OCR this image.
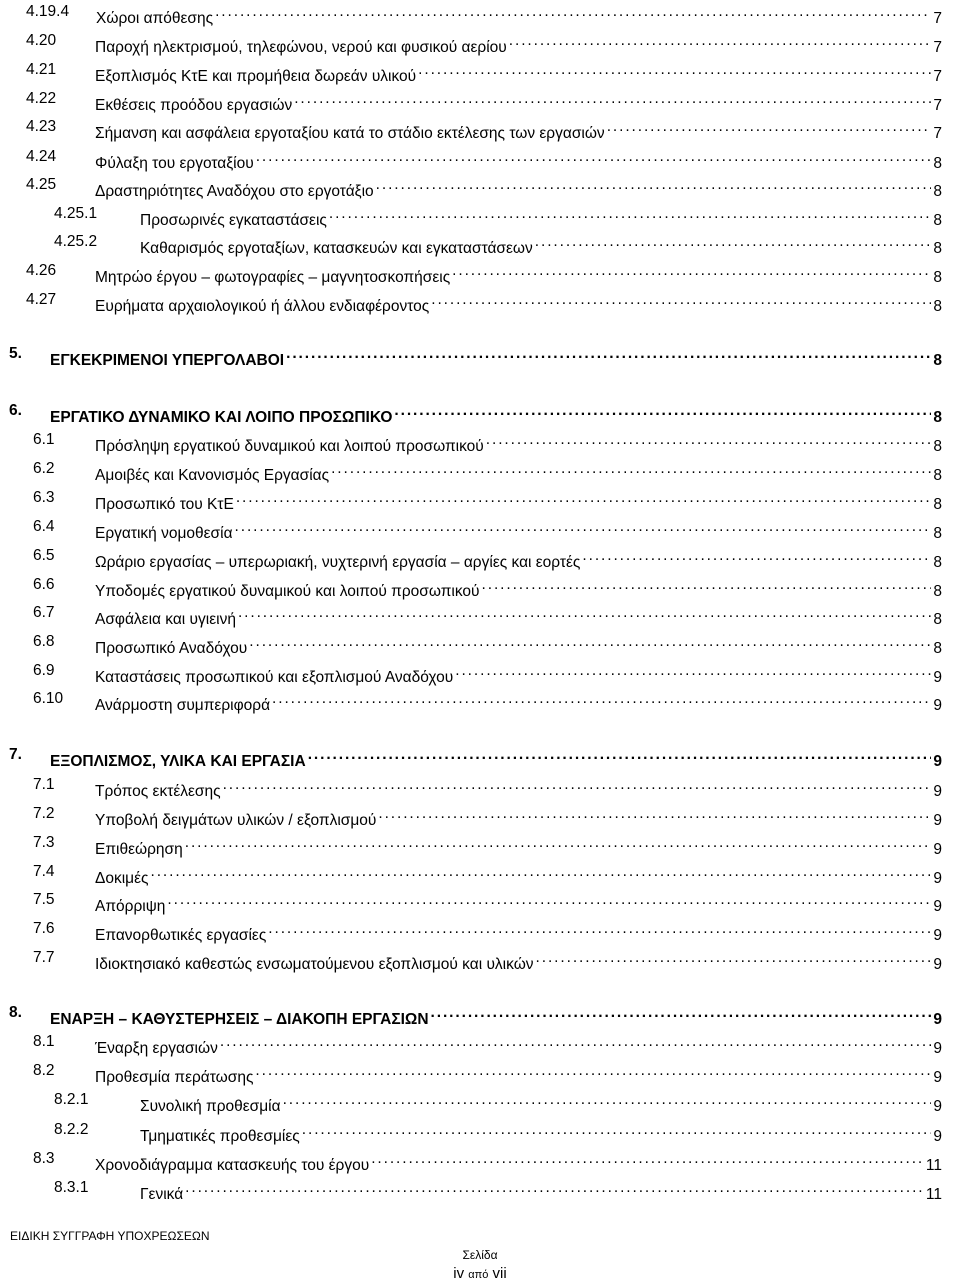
4.19.4 Χώροι απόθεσης . . .	7
4.20	Παροχή ηλεκτρισμού, τηλεφώνου, νερού και φυσικού αερίου . . .	7
4.21	Εξοπλισμός ΚτΕ και προμήθεια δωρεάν υλικού . . .	7
4.22	Εκθέσεις προόδου εργασιών . . .	7
4.23	Σήμανση και ασφάλεια εργοταξίου κατά το στάδιο εκτέλεσης των εργασιών . . .	7
4.24	Φύλαξη του εργοταξίου . . .	8
4.25	Δραστηριότητες Αναδόχου στο εργοτάξιο . . .	8
4.25.1	Προσωρινές εγκαταστάσεις . . .	8
4.25.2	Καθαρισμός εργοταξίων, κατασκευών και εγκαταστάσεων . . .	8
4.26	Μητρώο έργου – φωτογραφίες – μαγνητοσκοπήσεις . . .	8
4.27	Ευρήματα αρχαιολογικού ή άλλου ενδιαφέροντος . . .	8
5. ΕΓΚΕΚΡΙΜΕΝΟΙ ΥΠΕΡΓΟΛΑΒΟΙ . . .	8
6. ΕΡΓΑΤΙΚΟ ΔΥΝΑΜΙΚΟ ΚΑΙ ΛΟΙΠΟ ΠΡΟΣΩΠΙΚΟ . . .	8
6.1	Πρόσληψη εργατικού δυναμικού και λοιπού προσωπικού . . .	8
6.2	Αμοιβές και Κανονισμός Εργασίας . . .	8
6.3	Προσωπικό του ΚτΕ . . .	8
6.4	Εργατική νομοθεσία . . .	8
6.5	Ωράριο εργασίας – υπερωριακή, νυχτερινή εργασία – αργίες και εορτές . . .	8
6.6	Υποδομές εργατικού δυναμικού και λοιπού προσωπικού . . .	8
6.7	Ασφάλεια και υγιεινή . . .	8
6.8	Προσωπικό Αναδόχου . . .	8
6.9	Καταστάσεις προσωπικού και εξοπλισμού Αναδόχου . . .	9
6.10 Ανάρμοστη συμπεριφορά . . .	9
7. ΕΞΟΠΛΙΣΜΟΣ, ΥΛΙΚΑ ΚΑΙ ΕΡΓΑΣΙΑ . . .	9
7.1	Τρόπος εκτέλεσης . . .	9
7.2	Υποβολή δειγμάτων υλικών / εξοπλισμού . . .	9
7.3	Επιθεώρηση . . .	9
7.4	Δοκιμές . . .	9
7.5	Απόρριψη . . .	9
7.6	Επανορθωτικές εργασίες . . .	9
7.7	Ιδιοκτησιακό καθεστώς ενσωματούμενου εξοπλισμού και υλικών . . .	9
8. ΕΝΑΡΞΗ – ΚΑΘΥΣΤΕΡΗΣΕΙΣ – ΔΙΑΚΟΠΗ ΕΡΓΑΣΙΩΝ . . .	9
8.1	Έναρξη εργασιών . . .	9
8.2	Προθεσμία περάτωσης . . .	9
8.2.1	Συνολική προθεσμία . . .	9
8.2.2	Τμηματικές προθεσμίες . . .	9
8.3	Χρονοδιάγραμμα κατασκευής του έργου . . .	11
8.3.1	Γενικά . . .	11
ΕΙΔΙΚΗ ΣΥΓΓΡΑΦΗ ΥΠΟΧΡΕΩΣΕΩΝ
Σελίδα
iv από vii
